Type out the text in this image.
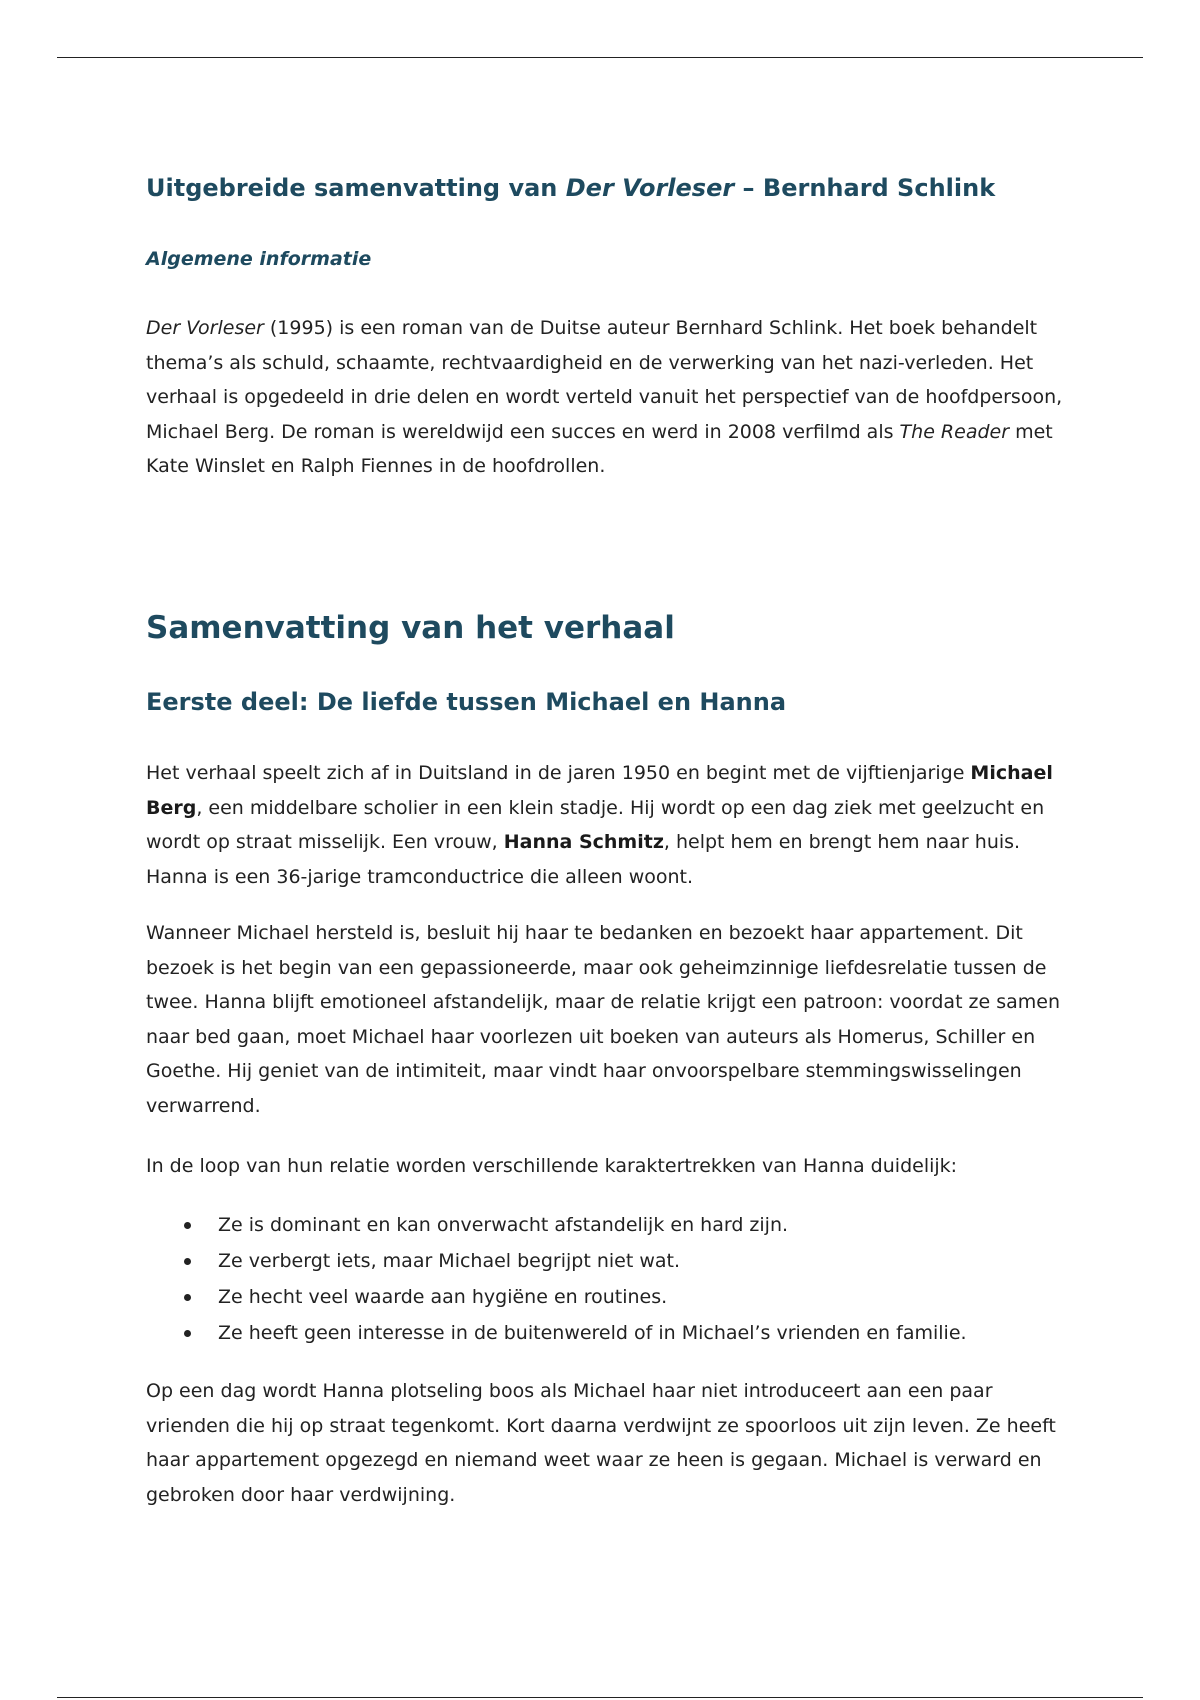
Uitgebreide samenvatting van Der Vorleser – Bernhard Schlink
Algemene informatie

Der Vorleser (1995) is een roman van de Duitse auteur Bernhard Schlink. Het boek behandelt thema’s als schuld, schaamte, rechtvaardigheid en de verwerking van het nazi-verleden. Het verhaal is opgedeeld in drie delen en wordt verteld vanuit het perspectief van de hoofdpersoon, Michael Berg. De roman is wereldwijd een succes en werd in 2008 verfilmd als The Reader met Kate Winslet en Ralph Fiennes in de hoofdrollen.

Samenvatting van het verhaal
Eerste deel: De liefde tussen Michael en Hanna

Het verhaal speelt zich af in Duitsland in de jaren 1950 en begint met de vijftienjarige Michael Berg, een middelbare scholier in een klein stadje. Hij wordt op een dag ziek met geelzucht en wordt op straat misselijk. Een vrouw, Hanna Schmitz, helpt hem en brengt hem naar huis. Hanna is een 36-jarige tramconductrice die alleen woont.

Wanneer Michael hersteld is, besluit hij haar te bedanken en bezoekt haar appartement. Dit bezoek is het begin van een gepassioneerde, maar ook geheimzinnige liefdesrelatie tussen de twee. Hanna blijft emotioneel afstandelijk, maar de relatie krijgt een patroon: voordat ze samen naar bed gaan, moet Michael haar voorlezen uit boeken van auteurs als Homerus, Schiller en Goethe. Hij geniet van de intimiteit, maar vindt haar onvoorspelbare stemmingswisselingen verwarrend.

In de loop van hun relatie worden verschillende karaktertrekken van Hanna duidelijk:

Ze is dominant en kan onverwacht afstandelijk en hard zijn.
Ze verbergt iets, maar Michael begrijpt niet wat.
Ze hecht veel waarde aan hygiëne en routines.
Ze heeft geen interesse in de buitenwereld of in Michael’s vrienden en familie.

Op een dag wordt Hanna plotseling boos als Michael haar niet introduceert aan een paar vrienden die hij op straat tegenkomt. Kort daarna verdwijnt ze spoorloos uit zijn leven. Ze heeft haar appartement opgezegd en niemand weet waar ze heen is gegaan. Michael is verward en gebroken door haar verdwijning.
